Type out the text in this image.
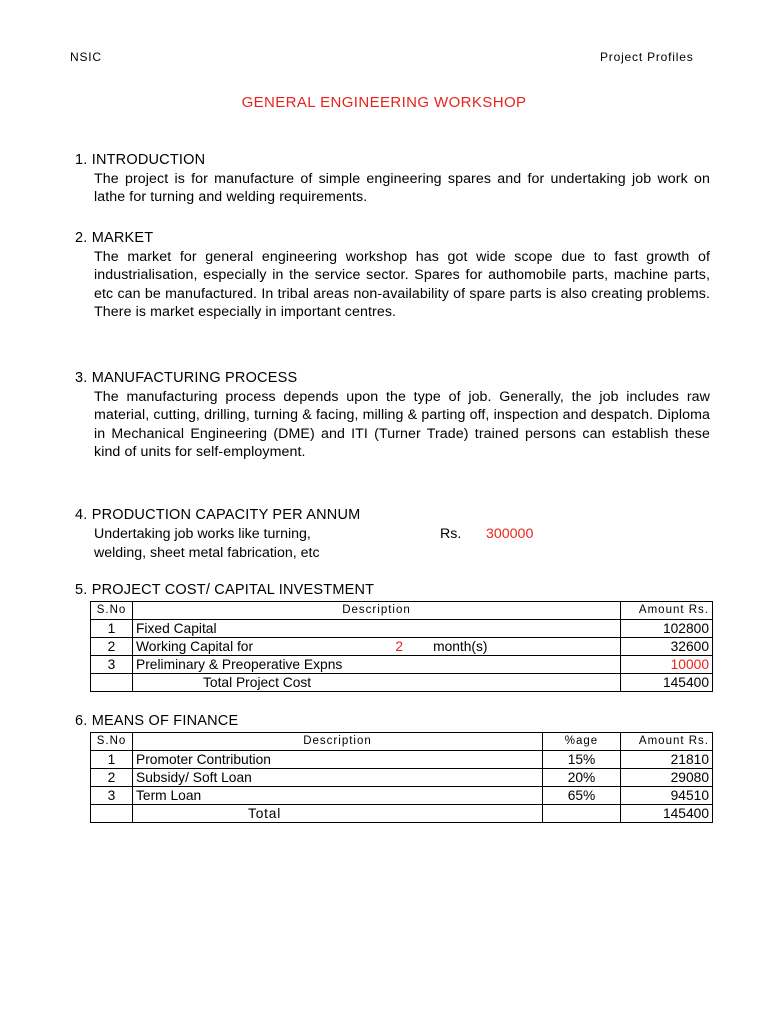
NSIC	Project Profiles
GENERAL ENGINEERING WORKSHOP
1. INTRODUCTION
The project is for manufacture of simple engineering spares and for undertaking job work on lathe for turning and welding requirements.
2. MARKET
The market for general engineering workshop has got wide scope due to fast growth of industrialisation, especially in the service sector. Spares for authomobile parts, machine parts, etc can be manufactured. In tribal areas non-availability of spare parts is also creating problems. There is market especially in important centres.
3. MANUFACTURING PROCESS
The manufacturing process depends upon the type of job. Generally, the job includes raw material, cutting, drilling, turning & facing, milling & parting off, inspection and despatch. Diploma in Mechanical Engineering (DME) and ITI (Turner Trade) trained persons can establish these kind of units for self-employment.
4. PRODUCTION CAPACITY PER ANNUM
Undertaking job works like turning,
welding, sheet metal fabrication, etc
Rs. 300000
5. PROJECT COST/ CAPITAL INVESTMENT
S.No	Description	Amount Rs.
1	Fixed Capital	102800
2	Working Capital for 2 month(s)	32600
3	Preliminary & Preoperative Expns	10000
	Total Project Cost	145400
6. MEANS OF FINANCE
S.No	Description	%age	Amount Rs.
1	Promoter Contribution	15%	21810
2	Subsidy/ Soft Loan	20%	29080
3	Term Loan	65%	94510
	Total		145400
